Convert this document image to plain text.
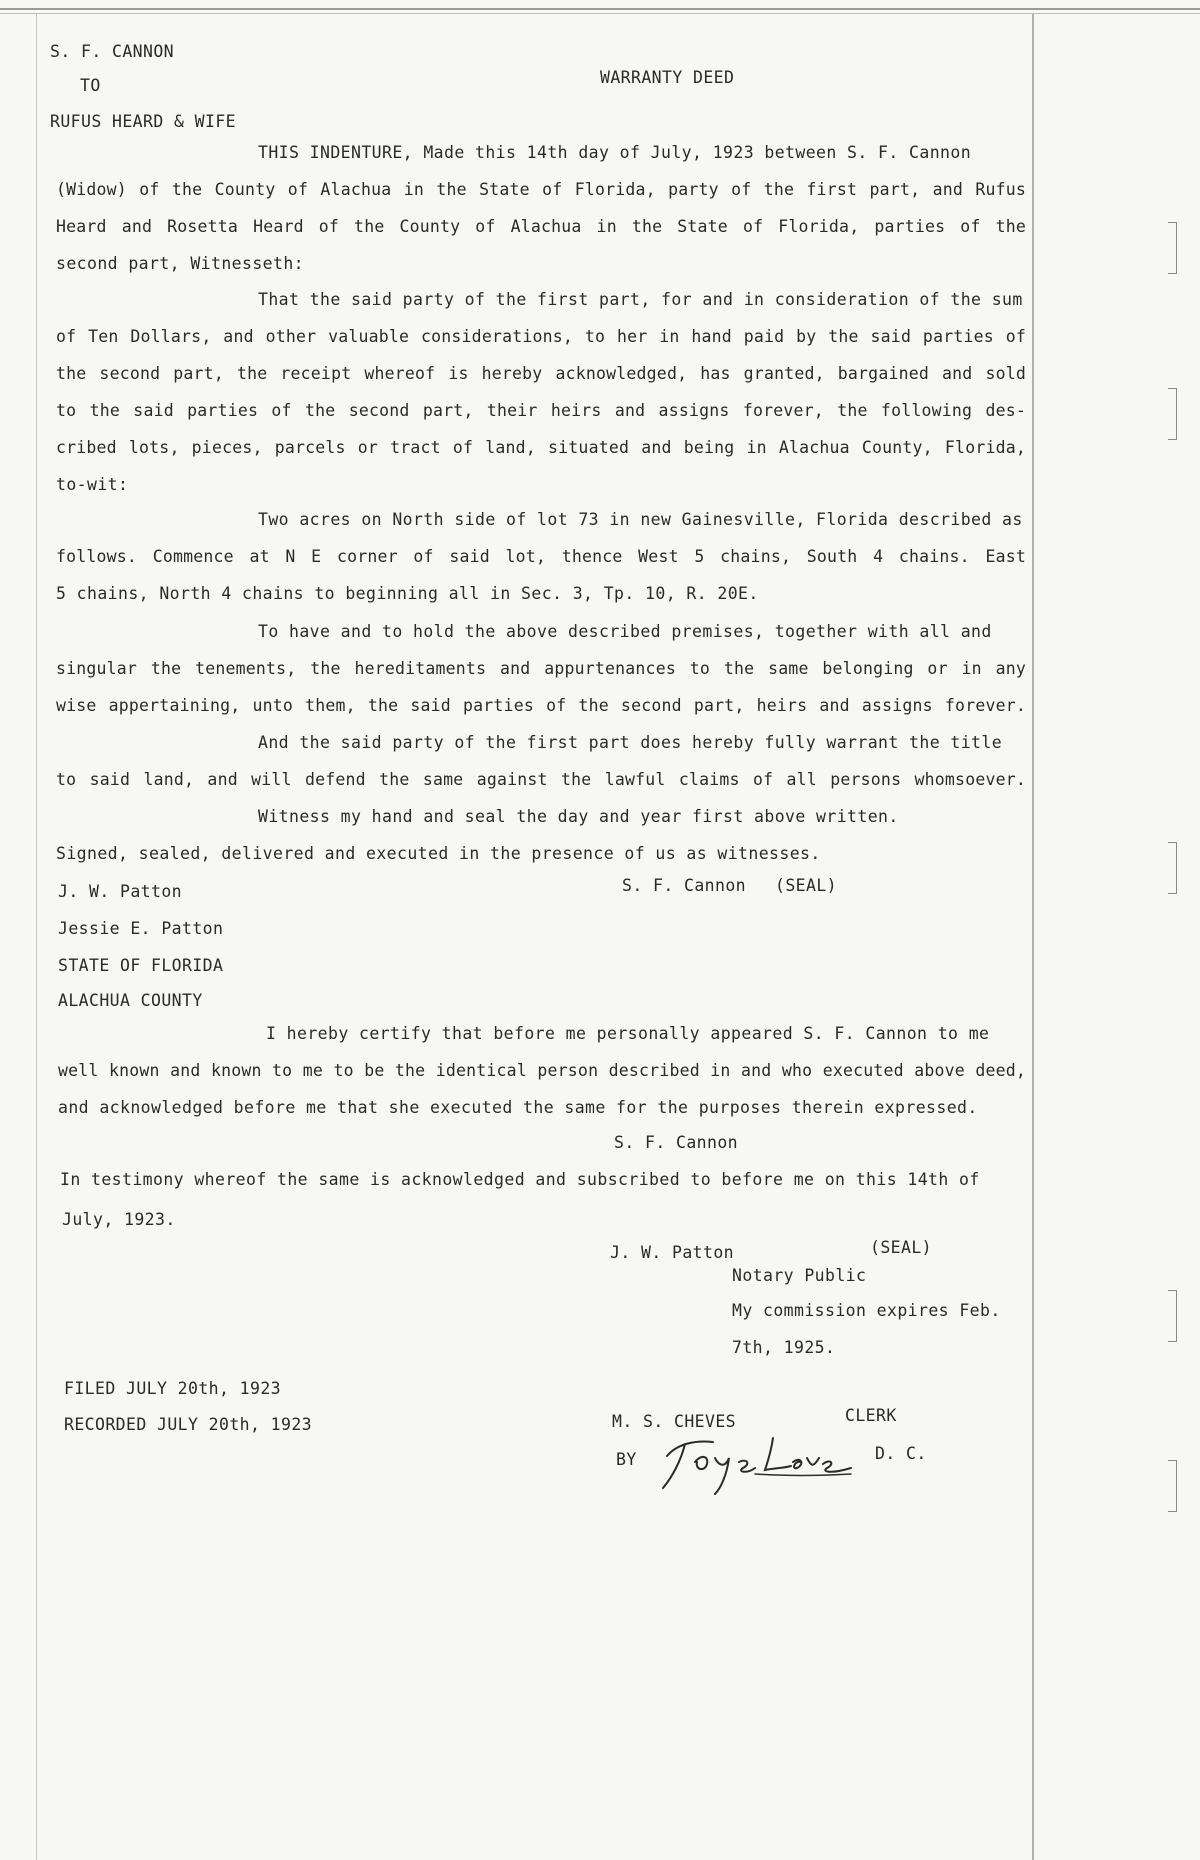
S. F. CANNON
TO	WARRANTY DEED
RUFUS HEARD & WIFE
THIS INDENTURE, Made this 14th day of July, 1923 between S. F. Cannon
(Widow) of the County of Alachua in the State of Florida, party of the first part, and Rufus
Heard and Rosetta Heard of the County of Alachua in the State of Florida, parties of the
second part, Witnesseth:
That the said party of the first part, for and in consideration of the sum
of Ten Dollars, and other valuable considerations, to her in hand paid by the said parties of
the second part, the receipt whereof is hereby acknowledged, has granted, bargained and sold
to the said parties of the second part, their heirs and assigns forever, the following des-
cribed lots, pieces, parcels or tract of land, situated and being in Alachua County, Florida,
to-wit:
Two acres on North side of lot 73 in new Gainesville, Florida described as
follows. Commence at N E corner of said lot, thence West 5 chains, South 4 chains. East
5 chains, North 4 chains to beginning all in Sec. 3, Tp. 10, R. 20E.
To have and to hold the above described premises, together with all and
singular the tenements, the hereditaments and appurtenances to the same belonging or in any
wise appertaining, unto them, the said parties of the second part, heirs and assigns forever.
And the said party of the first part does hereby fully warrant the title
to said land, and will defend the same against the lawful claims of all persons whomsoever.
Witness my hand and seal the day and year first above written.
Signed, sealed, delivered and executed in the presence of us as witnesses.
J. W. Patton	S. F. Cannon (SEAL)
Jessie E. Patton
STATE OF FLORIDA
ALACHUA COUNTY
I hereby certify that before me personally appeared S. F. Cannon to me
well known and known to me to be the identical person described in and who executed above deed,
and acknowledged before me that she executed the same for the purposes therein expressed.
S. F. Cannon
In testimony whereof the same is acknowledged and subscribed to before me on this 14th of
July, 1923.
J. W. Patton	(SEAL)
Notary Public
My commission expires Feb.
7th, 1925.
FILED JULY 20th, 1923
RECORDED JULY 20th, 1923	M. S. CHEVES	CLERK
BY	D. C.
